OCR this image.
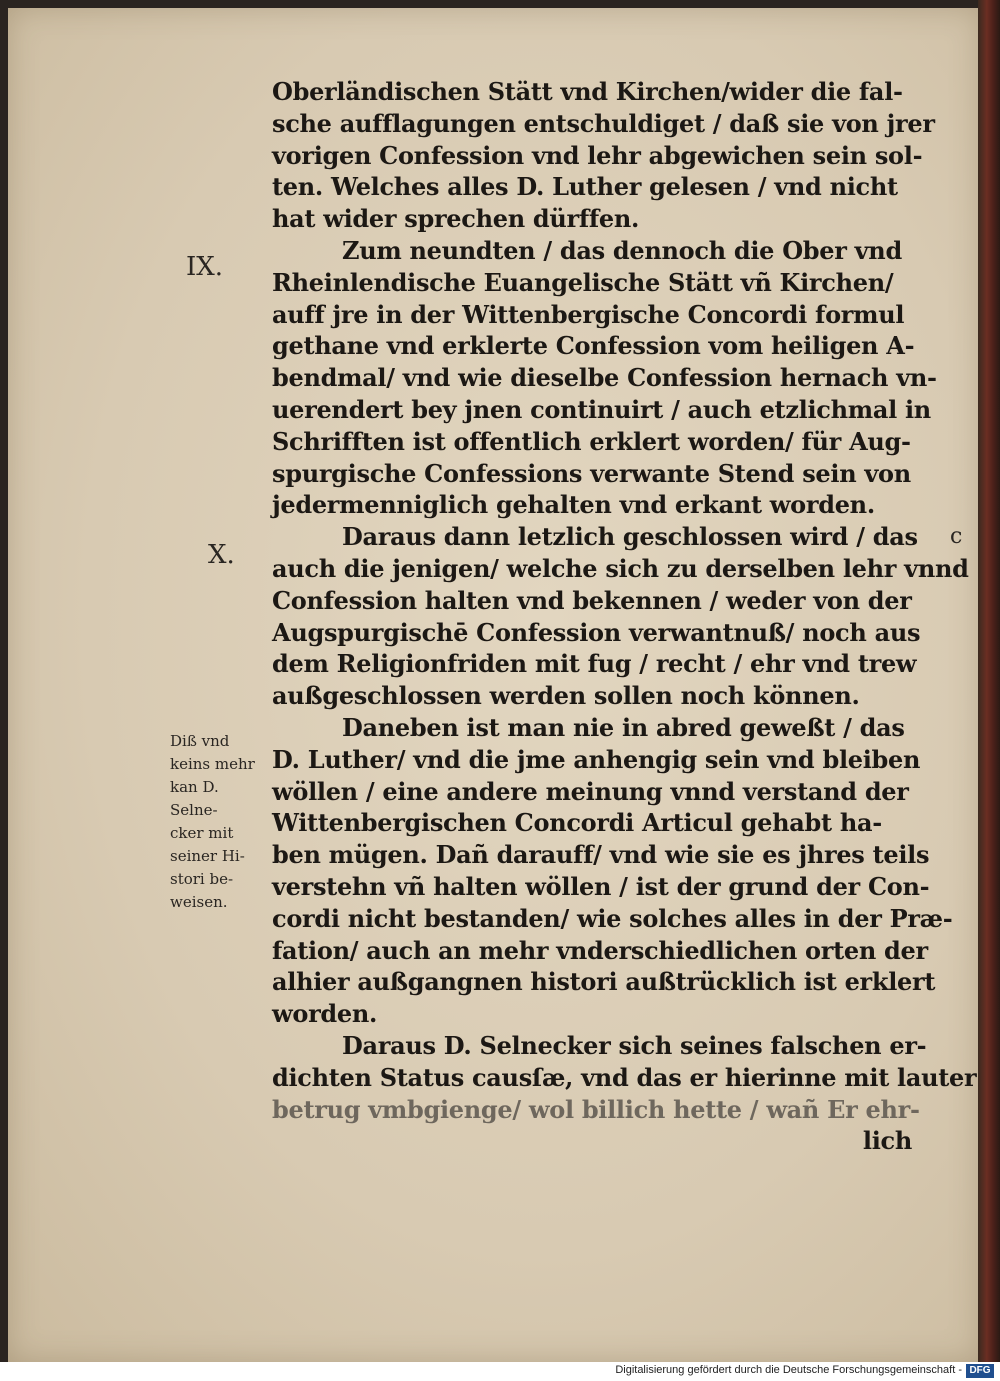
IX.
X.
Diß vnd
keins mehr
kan D.
Selne-
cker mit
seiner Hi-
stori be-
weisen.
c
Oberländischen Stätt vnd Kirchen/wider die fal-
sche aufflagungen entschuldiget / daß sie von jrer
vorigen Confession vnd lehr abgewichen sein sol-
ten. Welches alles D. Luther gelesen / vnd nicht
hat wider sprechen dürffen.
Zum neundten / das dennoch die Ober vnd
Rheinlendische Euangelische Stätt vñ Kirchen/
auff jre in der Wittenbergische Concordi formul
gethane vnd erklerte Confession vom heiligen A-
bendmal/ vnd wie dieselbe Confession hernach vn-
uerendert bey jnen continuirt / auch etzlichmal in
Schrifften ist offentlich erklert worden/ für Aug-
spurgische Confessions verwante Stend sein von
jedermenniglich gehalten vnd erkant worden.
Daraus dann letzlich geschlossen wird / das
auch die jenigen/ welche sich zu derselben lehr vnnd
Confession halten vnd bekennen / weder von der
Augspurgischē Confession verwantnuß/ noch aus
dem Religionfriden mit fug / recht / ehr vnd trew
außgeschlossen werden sollen noch können.
Daneben ist man nie in abred geweßt / das
D. Luther/ vnd die jme anhengig sein vnd bleiben
wöllen / eine andere meinung vnnd verstand der
Wittenbergischen Concordi Articul gehabt ha-
ben mügen. Dañ darauff/ vnd wie sie es jhres teils
verstehn vñ halten wöllen / ist der grund der Con-
cordi nicht bestanden/ wie solches alles in der Præ-
fation/ auch an mehr vnderschiedlichen orten der
alhier außgangnen histori außtrücklich ist erklert
worden.
Daraus D. Selnecker sich seines falschen er-
dichten Status causſæ, vnd das er hierinne mit lauter
betrug vmbgienge/ wol billich hette / wañ Er ehr-
lich
Digitalisierung gefördert durch die Deutsche Forschungsgemeinschaft - DFG
